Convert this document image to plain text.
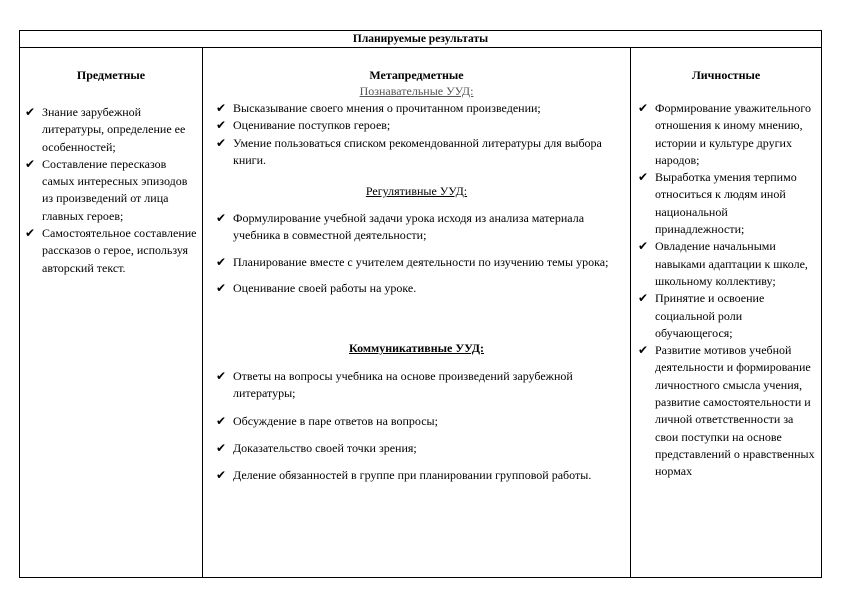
Планируемые результаты
Предметные
✔ Знание зарубежной литературы, определение ее особенностей;
✔ Составление пересказов самых интересных эпизодов из произведений от лица главных героев;
✔ Самостоятельное составление рассказов о герое, используя авторский текст.
Метапредметные
Познавательные УУД:
✔ Высказывание своего мнения о прочитанном произведении;
✔ Оценивание поступков героев;
✔ Умение пользоваться списком рекомендованной литературы для выбора книги.
Регулятивные УУД:
✔ Формулирование учебной задачи урока исходя из анализа материала учебника в совместной деятельности;
✔ Планирование вместе с учителем деятельности по изучению темы урока;
✔ Оценивание своей работы на уроке.
Коммуникативные УУД:
✔ Ответы на вопросы учебника на основе произведений зарубежной литературы;
✔ Обсуждение в паре ответов на вопросы;
✔ Доказательство своей точки зрения;
✔ Деление обязанностей в группе при планировании групповой работы.
Личностные
✔ Формирование уважительного отношения к иному мнению, истории и культуре других народов;
✔ Выработка умения терпимо относиться к людям иной национальной принадлежности;
✔ Овладение начальными навыками адаптации к школе, школьному коллективу;
✔ Принятие и освоение социальной роли обучающегося;
✔ Развитие мотивов учебной деятельности и формирование личностного смысла учения, развитие самостоятельности и личной ответственности за свои поступки на основе представлений о нравственных нормах
